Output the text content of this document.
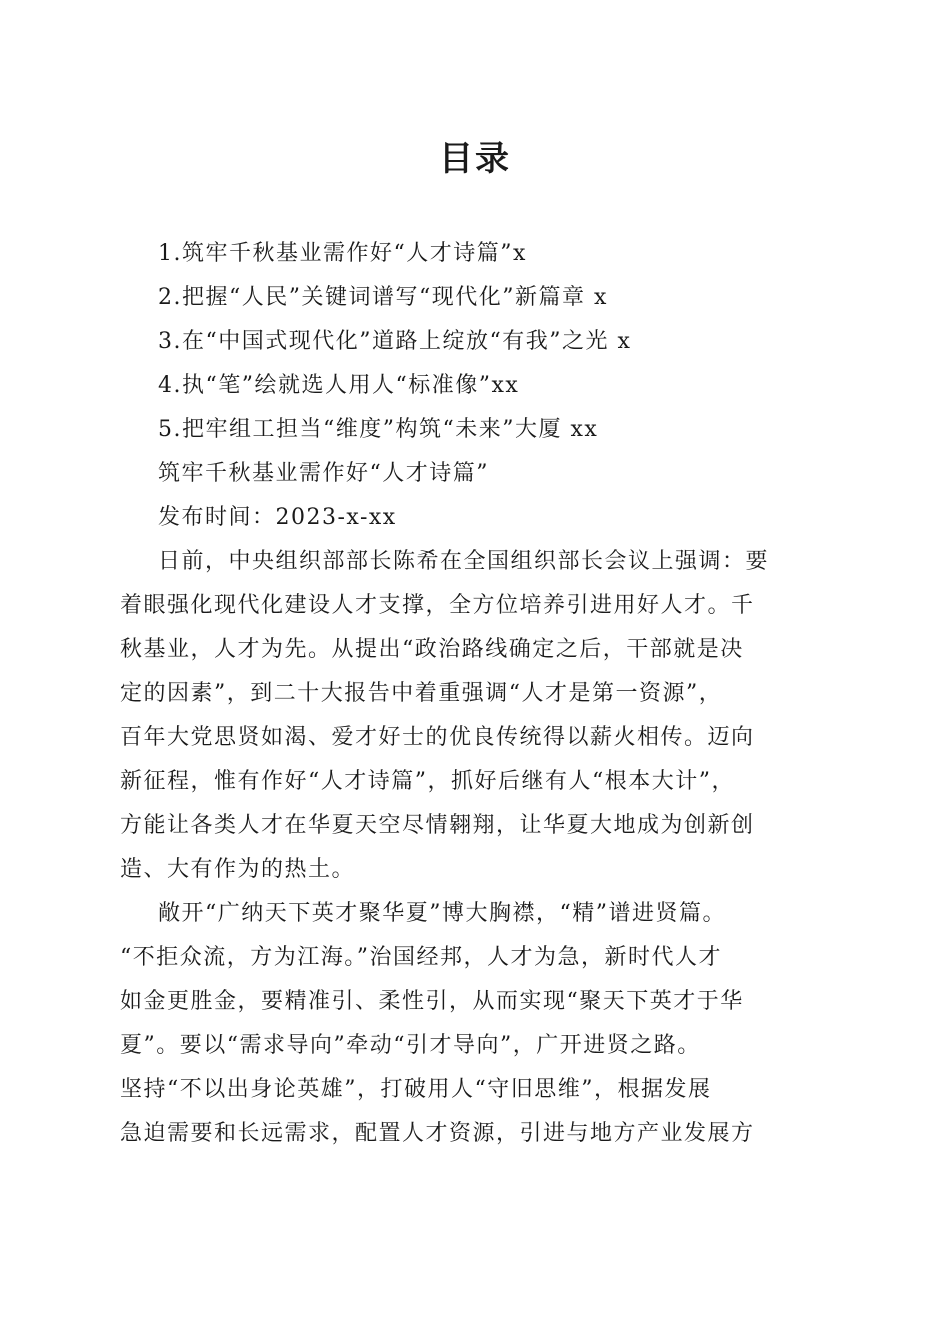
目录
1.筑牢千秋基业需作好“人才诗篇”x
2.把握“人民”关键词谱写“现代化”新篇章 x
3.在“中国式现代化”道路上绽放“有我”之光 x
4.执“笔”绘就选人用人“标准像”xx
5.把牢组工担当“维度”构筑“未来”大厦 xx
筑牢千秋基业需作好“人才诗篇”
发布时间：2023-x-xx
日前，中央组织部部长陈希在全国组织部长会议上强调：要
着眼强化现代化建设人才支撑，全方位培养引进用好人才。千
秋基业，人才为先。从提出“政治路线确定之后，干部就是决
定的因素”，到二十大报告中着重强调“人才是第一资源”，
百年大党思贤如渴、爱才好士的优良传统得以薪火相传。迈向
新征程，惟有作好“人才诗篇”，抓好后继有人“根本大计”，
方能让各类人才在华夏天空尽情翱翔，让华夏大地成为创新创
造、大有作为的热土。
敞开“广纳天下英才聚华夏”博大胸襟，“精”谱进贤篇。
“不拒众流，方为江海。”治国经邦，人才为急，新时代人才
如金更胜金，要精准引、柔性引，从而实现“聚天下英才于华
夏”。要以“需求导向”牵动“引才导向”，广开进贤之路。
坚持“不以出身论英雄”，打破用人“守旧思维”，根据发展
急迫需要和长远需求，配置人才资源，引进与地方产业发展方
